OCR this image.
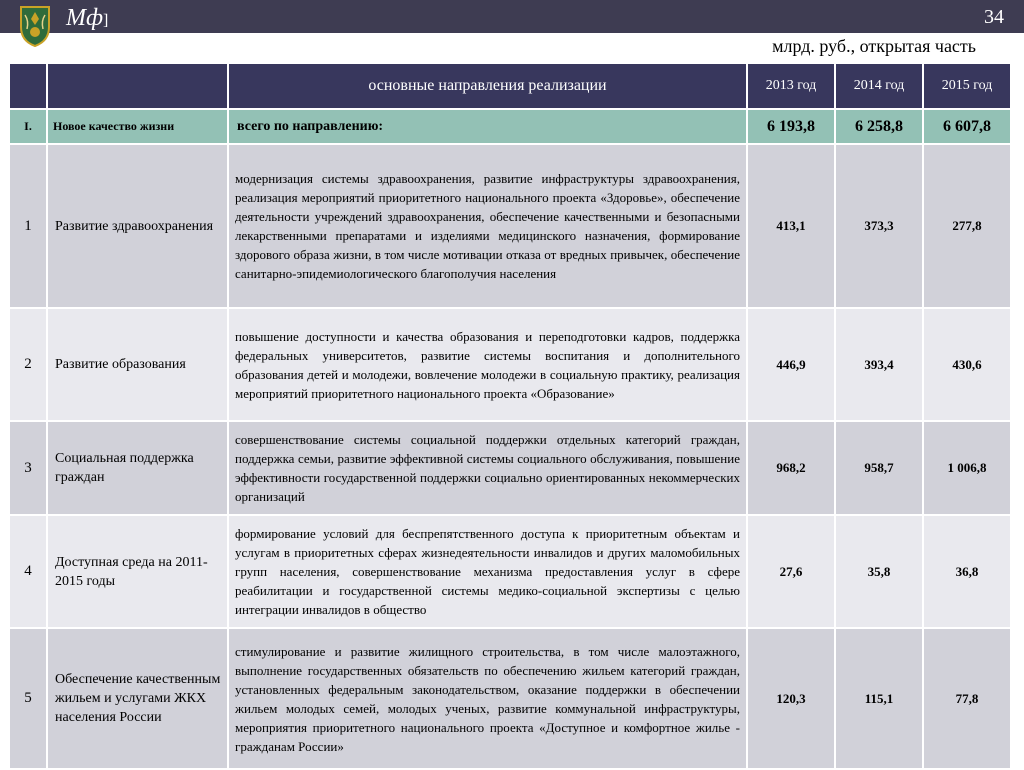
Мф]	34
млрд. руб., открытая часть
		основные направления реализации	2013 год	2014 год	2015 год
I.	Новое качество жизни	всего по направлению:	6 193,8	6 258,8	6 607,8
1	Развитие здравоохранения	модернизация системы здравоохранения, развитие инфраструктуры здравоохранения, реализация мероприятий приоритетного национального проекта «Здоровье», обеспечение деятельности учреждений здравоохранения, обеспечение качественными и безопасными лекарственными препаратами и изделиями медицинского назначения, формирование здорового образа жизни, в том числе мотивации отказа от вредных привычек, обеспечение санитарно-эпидемиологического благополучия населения	413,1	373,3	277,8
2	Развитие образования	повышение доступности и качества образования и переподготовки кадров, поддержка федеральных университетов, развитие системы воспитания и дополнительного образования детей и молодежи, вовлечение молодежи в социальную практику, реализация мероприятий приоритетного национального проекта «Образование»	446,9	393,4	430,6
3	Социальная поддержка граждан	совершенствование системы социальной поддержки отдельных категорий граждан, поддержка семьи, развитие эффективной системы социального обслуживания, повышение эффективности государственной поддержки социально ориентированных некоммерческих организаций	968,2	958,7	1 006,8
4	Доступная среда на 2011-2015 годы	формирование условий для беспрепятственного доступа к приоритетным объектам и услугам в приоритетных сферах жизнедеятельности инвалидов и других маломобильных групп населения, совершенствование механизма предоставления услуг в сфере реабилитации и государственной системы медико-социальной экспертизы с целью интеграции инвалидов в общество	27,6	35,8	36,8
5	Обеспечение качественным жильем и услугами ЖКХ населения России	стимулирование и развитие жилищного строительства, в том числе малоэтажного, выполнение государственных обязательств по обеспечению жильем категорий граждан, установленных федеральным законодательством, оказание поддержки в обеспечении жильем молодых семей, молодых ученых, развитие коммунальной инфраструктуры, мероприятия приоритетного национального проекта «Доступное и комфортное жилье - гражданам России»	120,3	115,1	77,8
